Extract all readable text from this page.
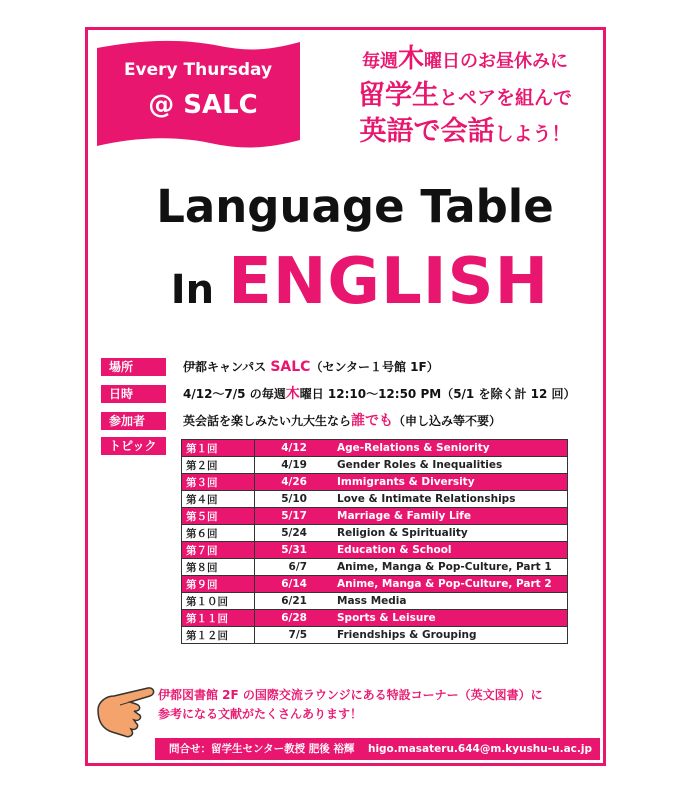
Every Thursday
@ SALC
毎週木曜日のお昼休みに
留学生とペアを組んで
英語で会話しよう！
Language Table
In ENGLISH
場所	伊都キャンパス SALC（センター１号館 1F）
日時	4/12〜7/5 の毎週木曜日 12:10〜12:50 PM（5/1 を除く計 12 回）
参加者	英会話を楽しみたい九大生なら誰でも（申し込み等不要）
トピック	第１回	4/12	Age-Relations & Seniority
第２回	4/19	Gender Roles & Inequalities
第３回	4/26	Immigrants & Diversity
第４回	5/10	Love & Intimate Relationships
第５回	5/17	Marriage & Family Life
第６回	5/24	Religion & Spirituality
第７回	5/31	Education & School
第８回	6/7	Anime, Manga & Pop-Culture, Part 1
第９回	6/14	Anime, Manga & Pop-Culture, Part 2
第１０回	6/21	Mass Media
第１１回	6/28	Sports & Leisure
第１２回	7/5	Friendships & Grouping
伊都図書館 2F の国際交流ラウンジにある特設コーナー（英文図書）に
参考になる文献がたくさんあります！
問合せ：留学生センター教授 肥後 裕輝 higo.masateru.644@m.kyushu-u.ac.jp
